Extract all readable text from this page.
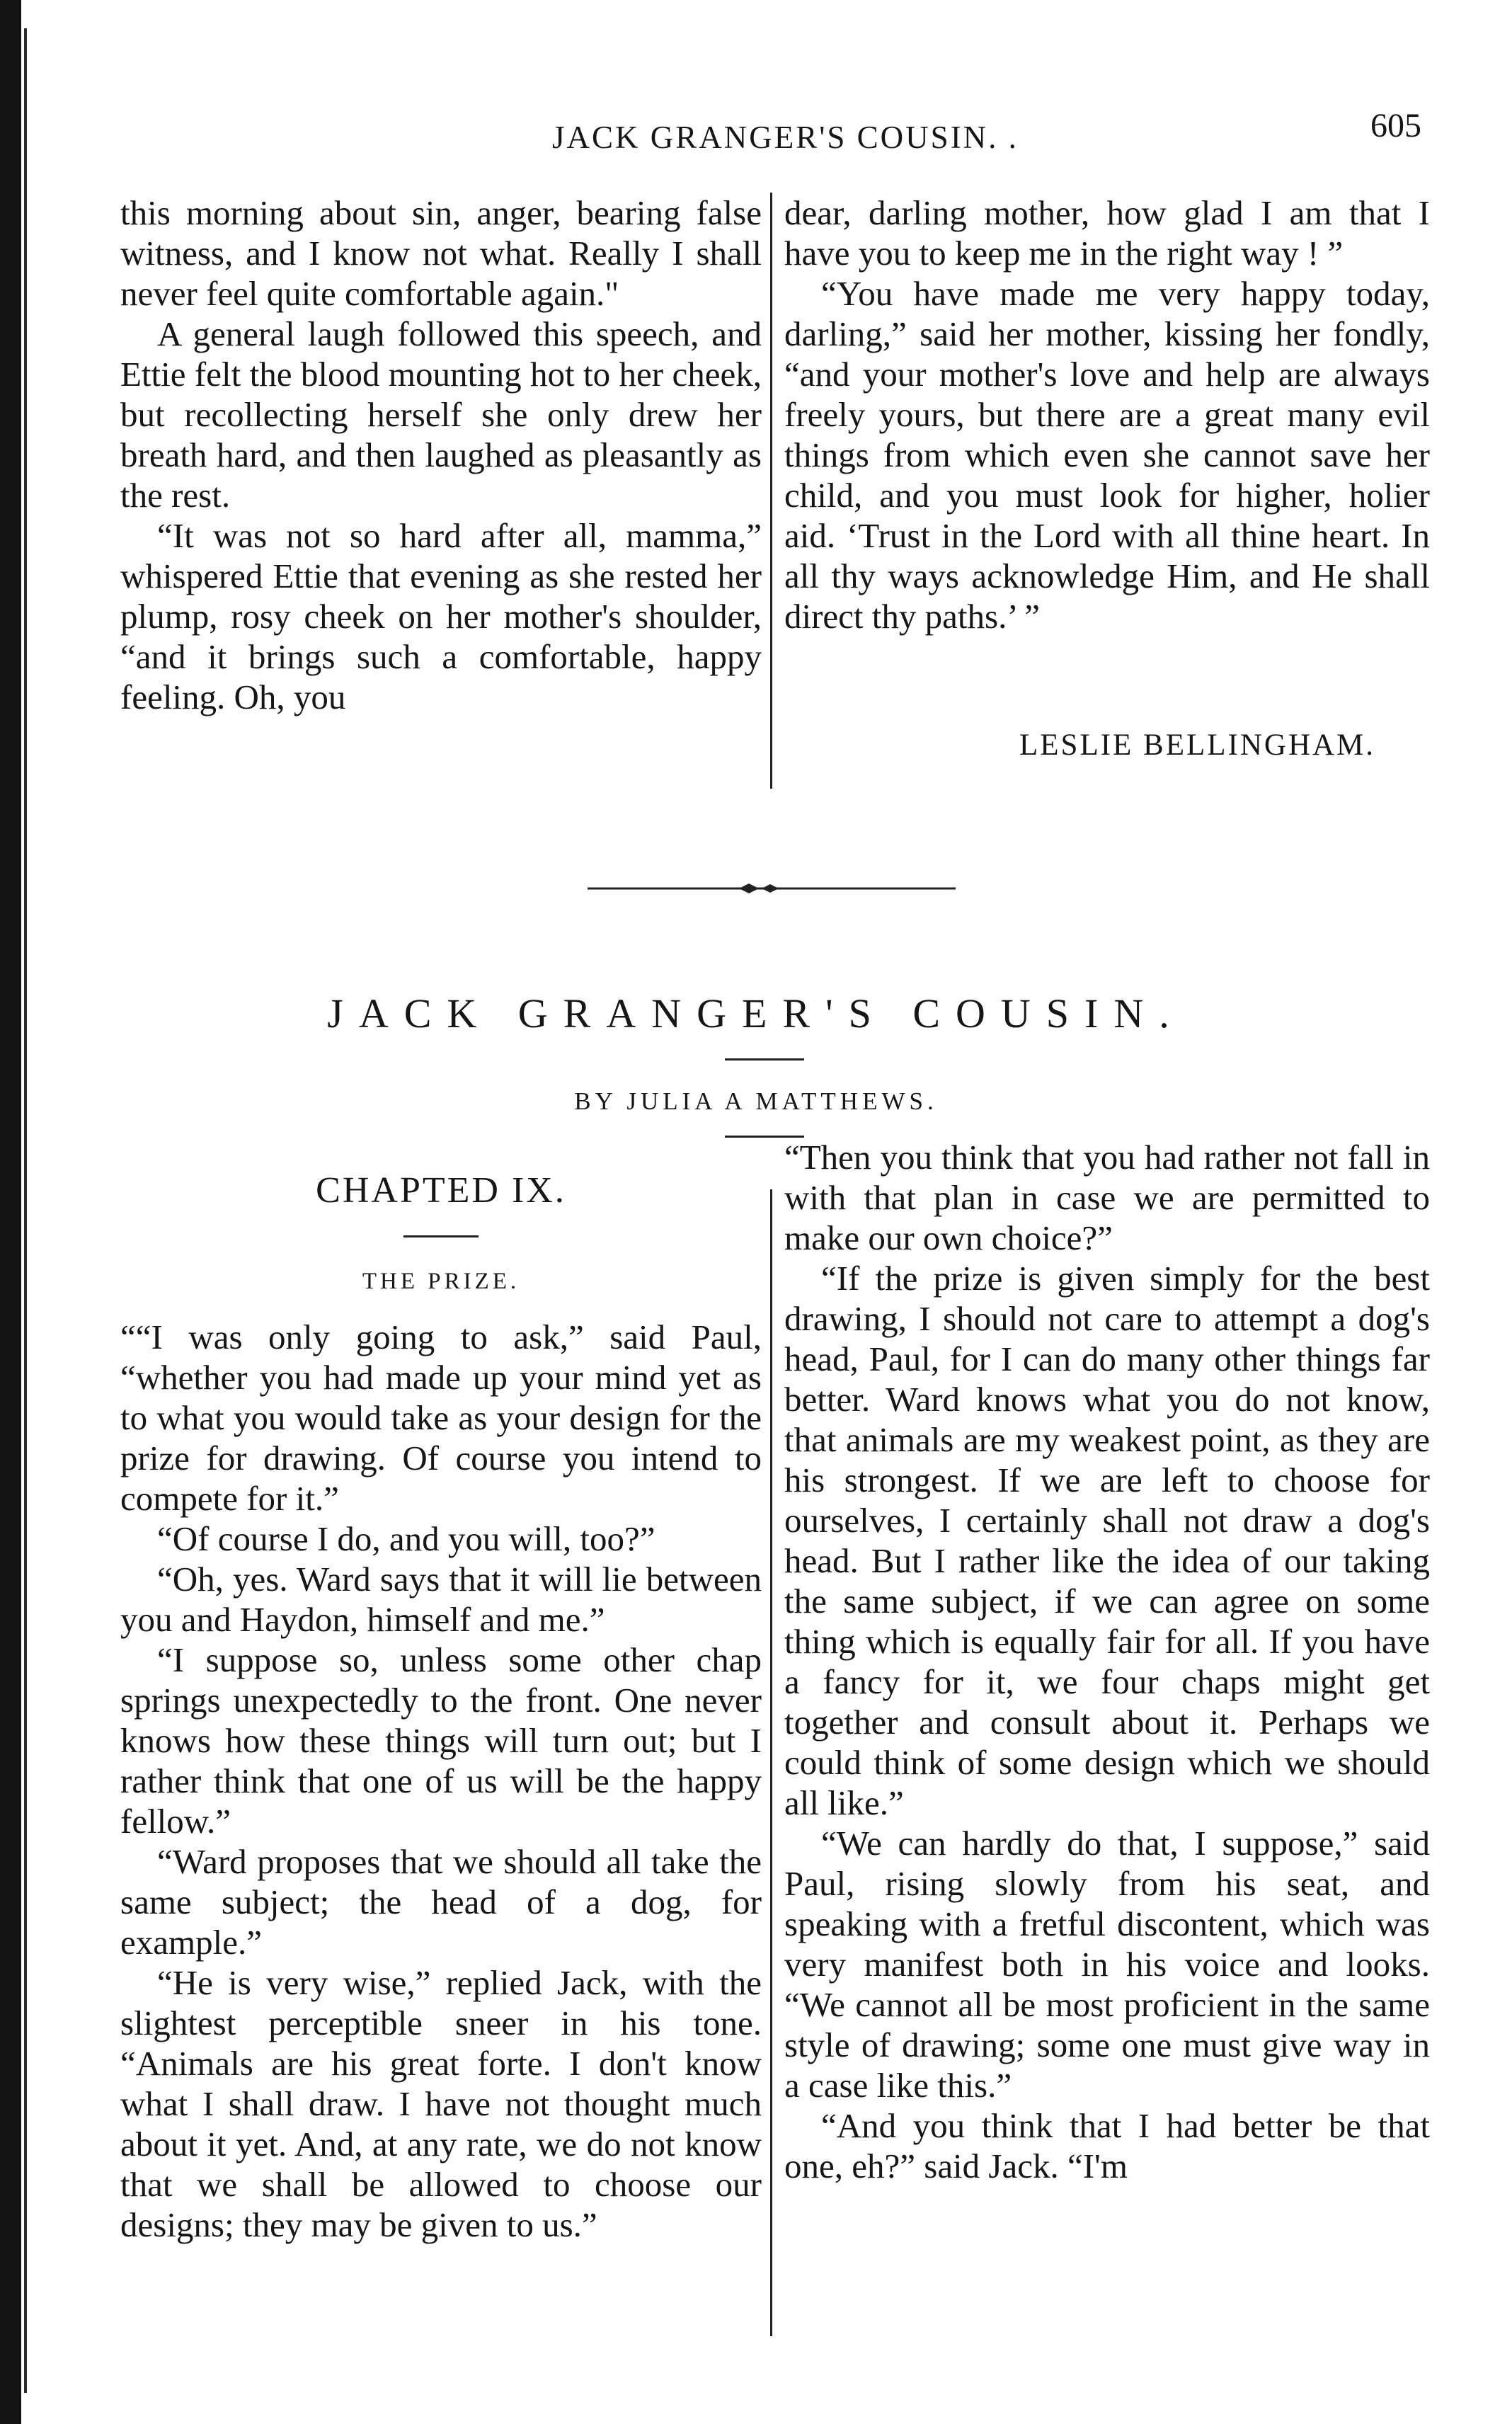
JACK GRANGER'S COUSIN. .	605

this morning about sin, anger, bearing false witness, and I know not what. Really I shall never feel quite comfortable again."

A general laugh followed this speech, and Ettie felt the blood mounting hot to her cheek, but recollecting herself she only drew her breath hard, and then laughed as pleasantly as the rest.

“It was not so hard after all, mamma,” whispered Ettie that evening as she rested her plump, rosy cheek on her mother's shoulder, “and it brings such a comfortable, happy feeling. Oh, you

dear, darling mother, how glad I am that I have you to keep me in the right way ! ”

“You have made me very happy today, darling,” said her mother, kissing her fondly, “and your mother's love and help are always freely yours, but there are a great many evil things from which even she cannot save her child, and you must look for higher, holier aid. ‘Trust in the Lord with all thine heart. In all thy ways acknowledge Him, and He shall direct thy paths.’ ”

LESLIE BELLINGHAM.
JACK GRANGER'S COUSIN.
BY JULIA A MATTHEWS.
CHAPTED IX.
THE PRIZE.

““I was only going to ask,” said Paul, “whether you had made up your mind yet as to what you would take as your design for the prize for drawing. Of course you intend to compete for it.”

“Of course I do, and you will, too?”

“Oh, yes. Ward says that it will lie between you and Haydon, himself and me.”

“I suppose so, unless some other chap springs unexpectedly to the front. One never knows how these things will turn out; but I rather think that one of us will be the happy fellow.”

“Ward proposes that we should all take the same subject; the head of a dog, for example.”

“He is very wise,” replied Jack, with the slightest perceptible sneer in his tone. “Animals are his great forte. I don't know what I shall draw. I have not thought much about it yet. And, at any rate, we do not know that we shall be allowed to choose our designs; they may be given to us.”

“Then you think that you had rather not fall in with that plan in case we are permitted to make our own choice?”

“If the prize is given simply for the best drawing, I should not care to attempt a dog's head, Paul, for I can do many other things far better. Ward knows what you do not know, that animals are my weakest point, as they are his strongest. If we are left to choose for ourselves, I certainly shall not draw a dog's head. But I rather like the idea of our taking the same subject, if we can agree on some thing which is equally fair for all. If you have a fancy for it, we four chaps might get together and consult about it. Perhaps we could think of some design which we should all like.”

“We can hardly do that, I suppose,” said Paul, rising slowly from his seat, and speaking with a fretful discontent, which was very manifest both in his voice and looks. “We cannot all be most proficient in the same style of drawing; some one must give way in a case like this.”

“And you think that I had better be that one, eh?” said Jack. “I'm
